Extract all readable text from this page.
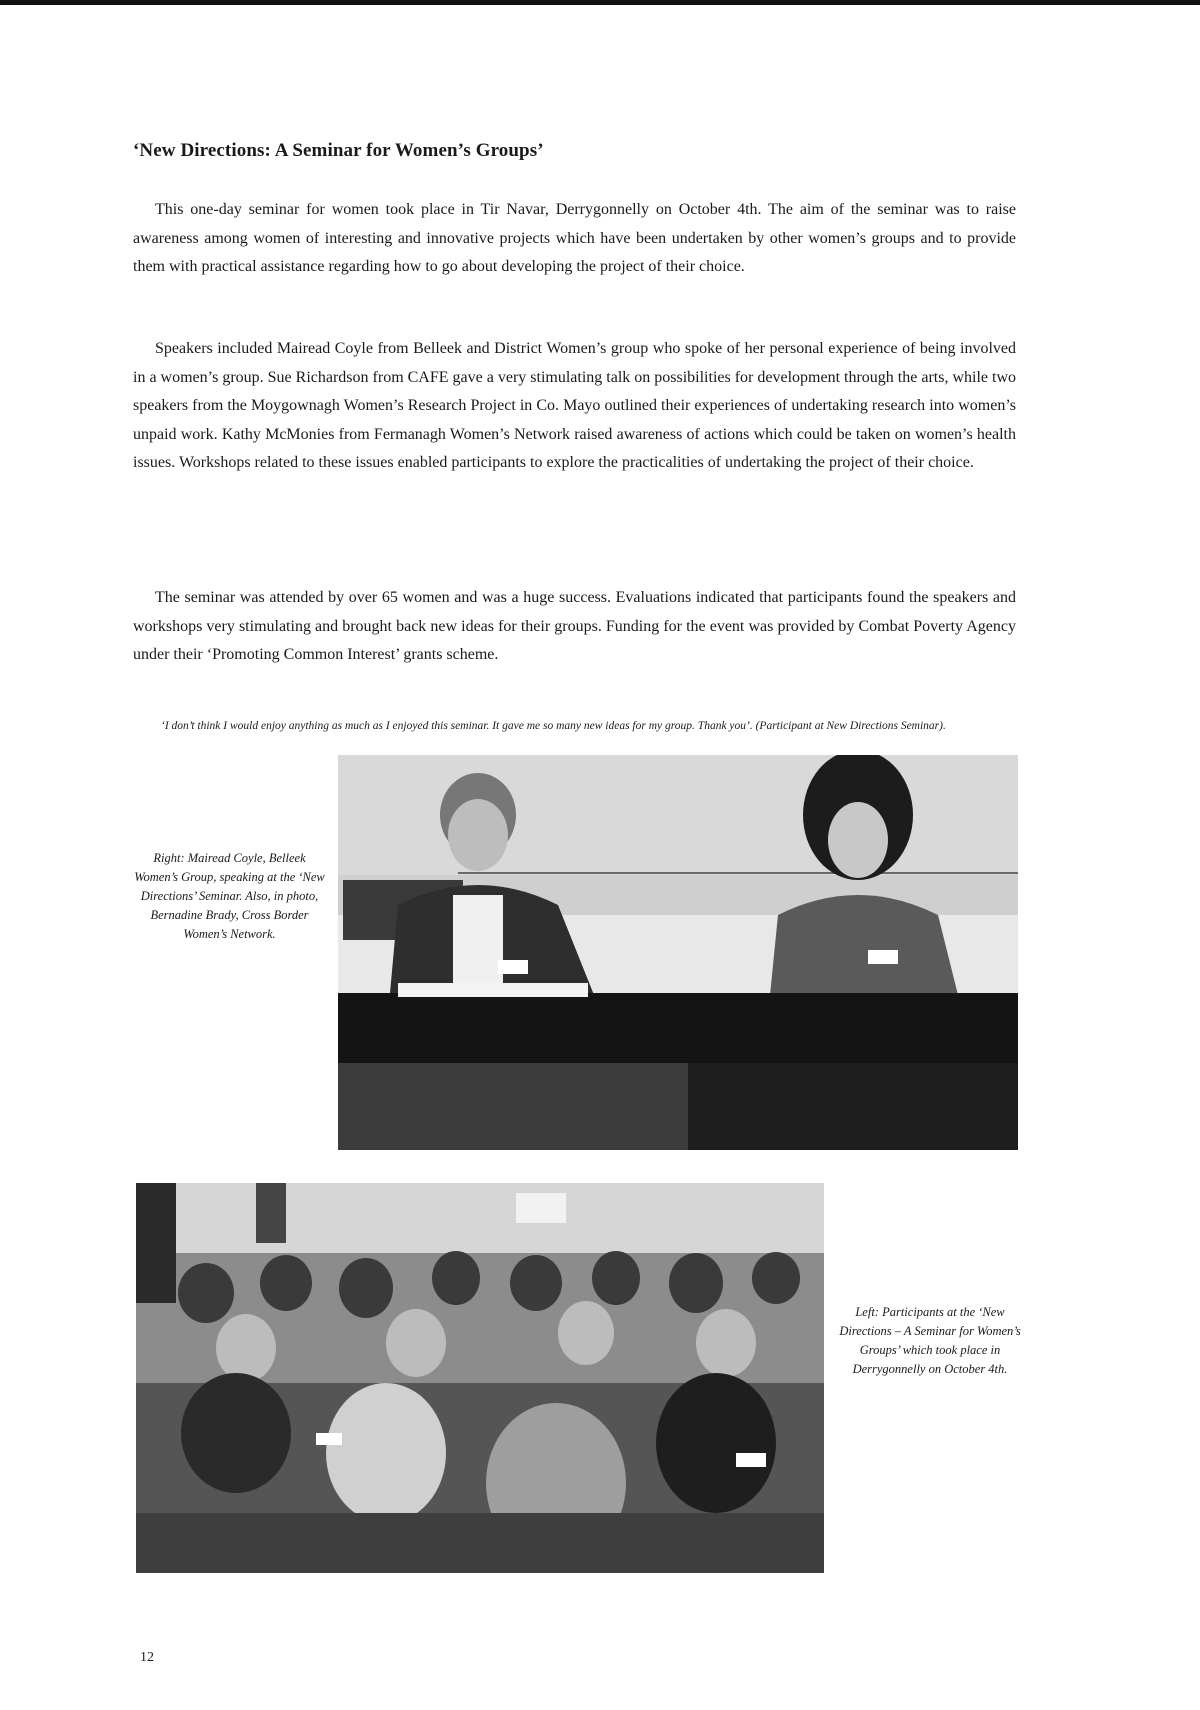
‘New Directions: A Seminar for Women’s Groups’

This one-day seminar for women took place in Tir Navar, Derrygonnelly on October 4th. The aim of the seminar was to raise awareness among women of interesting and innovative projects which have been undertaken by other women’s groups and to provide them with practical assistance regarding how to go about developing the project of their choice.

Speakers included Mairead Coyle from Belleek and District Women’s group who spoke of her personal experience of being involved in a women’s group. Sue Richardson from CAFE gave a very stimulating talk on possibilities for development through the arts, while two speakers from the Moygownagh Women’s Research Project in Co. Mayo outlined their experiences of undertaking research into women’s unpaid work. Kathy McMonies from Fermanagh Women’s Network raised awareness of actions which could be taken on women’s health issues. Workshops related to these issues enabled participants to explore the practicalities of undertaking the project of their choice.

The seminar was attended by over 65 women and was a huge success. Evaluations indicated that participants found the speakers and workshops very stimulating and brought back new ideas for their groups. Funding for the event was provided by Combat Poverty Agency under their ‘Promoting Common Interest’ grants scheme.

‘I don’t think I would enjoy anything as much as I enjoyed this seminar. It gave me so many new ideas for my group. Thank you’. (Participant at New Directions Seminar).

Right: Mairead Coyle, Belleek Women’s Group, speaking at the ‘New Directions’ Seminar. Also, in photo, Bernadine Brady, Cross Border Women’s Network.

Left: Participants at the ‘New Directions – A Seminar for Women’s Groups’ which took place in Derrygonnelly on October 4th.

12
